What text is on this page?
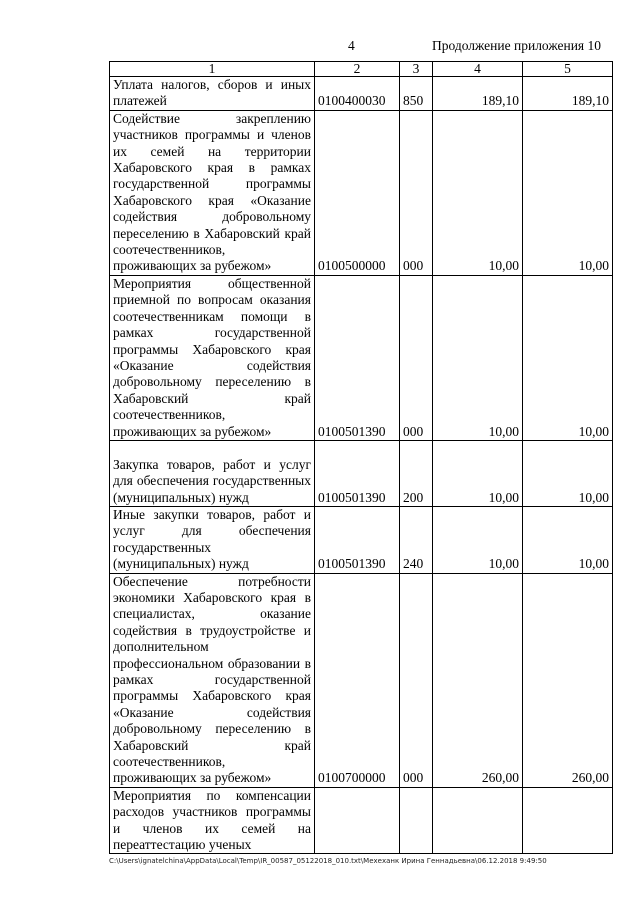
4	Продолжение приложения 10
1	2	3	4	5
Уплата налогов, сборов и иных платежей	0100400030	850	189,10	189,10
Содействие закреплению участников программы и членов их семей на территории Хабаровского края в рамках государственной программы Хабаровского края «Оказание содействия добровольному переселению в Хабаровский край соотечественников, проживающих за рубежом»	0100500000	000	10,00	10,00
Мероприятия общественной приемной по вопросам оказания соотечественникам помощи в рамках государственной программы Хабаровского края «Оказание содействия добровольному переселению в Хабаровский край соотечественников, проживающих за рубежом»	0100501390	000	10,00	10,00
Закупка товаров, работ и услуг для обеспечения государственных (муниципальных) нужд	0100501390	200	10,00	10,00
Иные закупки товаров, работ и услуг для обеспечения государственных (муниципальных) нужд	0100501390	240	10,00	10,00
Обеспечение потребности экономики Хабаровского края в специалистах, оказание содействия в трудоустройстве и дополнительном профессиональном образовании в рамках государственной программы Хабаровского края «Оказание содействия добровольному переселению в Хабаровский край соотечественников, проживающих за рубежом»	0100700000	000	260,00	260,00
Мероприятия по компенсации расходов участников программы и членов их семей на переаттестацию ученых				
C:\Users\ignatelchina\AppData\Local\Temp\IR_00587_05122018_010.txt\Мехеханк Ирина Геннадьевна\06.12.2018 9:49:50
